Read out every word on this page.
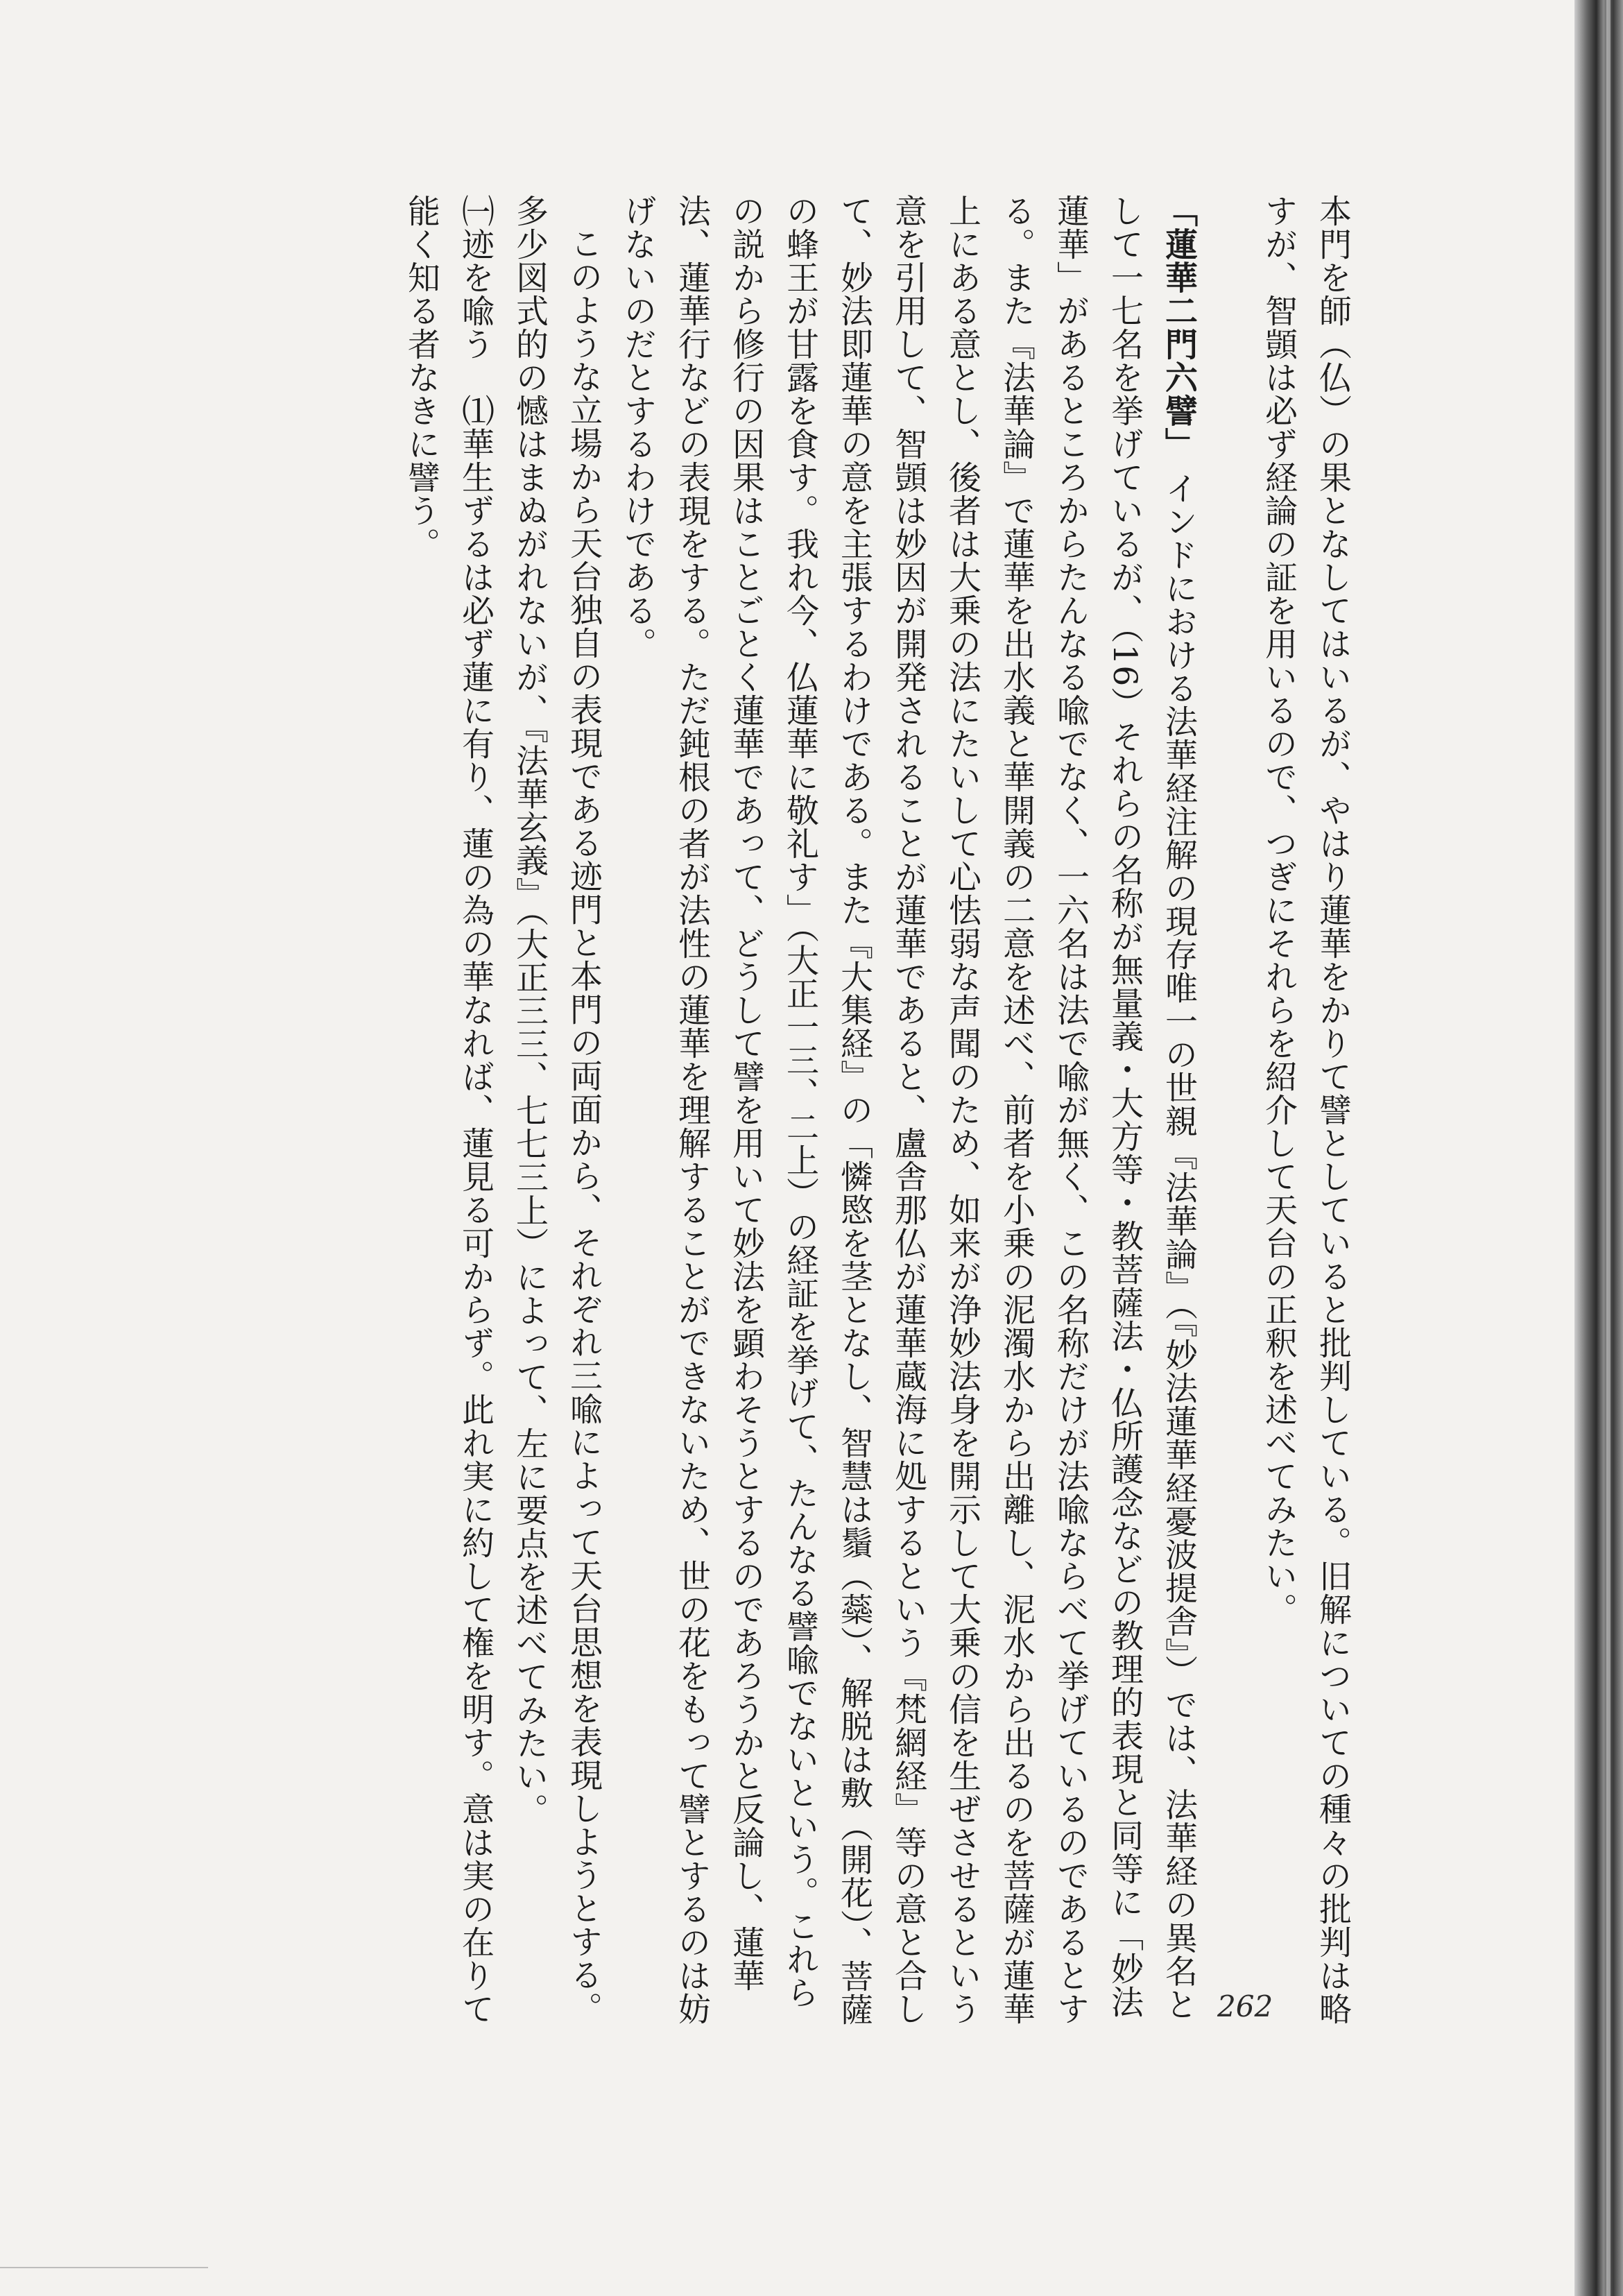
本門を師（仏）の果となしてはいるが、やはり蓮華をかりて譬としていると批判している。旧解についての種々の批判は略すが、智顗は必ず経論の証を用いるので、つぎにそれらを紹介して天台の正釈を述べてみたい。

「蓮華二門六譬」 インドにおける法華経注解の現存唯一の世親『法華論』（『妙法蓮華経憂波提舎』）では、法華経の異名として一七名を挙げているが、（16）それらの名称が無量義・大方等・教菩薩法・仏所護念などの教理的表現と同等に「妙法蓮華」があるところからたんなる喩でなく、一六名は法で喩が無く、この名称だけが法喩ならべて挙げているのであるとする。また『法華論』で蓮華を出水義と華開義の二意を述べ、前者を小乗の泥濁水から出離し、泥水から出るのを菩薩が蓮華上にある意とし、後者は大乗の法にたいして心怯弱な声聞のため、如来が浄妙法身を開示して大乗の信を生ぜさせるという意を引用して、智顗は妙因が開発されることが蓮華であると、盧舎那仏が蓮華蔵海に処するという『梵網経』等の意と合して、妙法即蓮華の意を主張するわけである。また『大集経』の「憐愍を茎となし、智慧は鬚（蘂）、解脱は敷（開花）、菩薩の蜂王が甘露を食す。我れ今、仏蓮華に敬礼す」（大正一三、二上）の経証を挙げて、たんなる譬喩でないという。これらの説から修行の因果はことごとく蓮華であって、どうして譬を用いて妙法を顕わそうとするのであろうかと反論し、蓮華法、蓮華行などの表現をする。ただ鈍根の者が法性の蓮華を理解することができないため、世の花をもって譬とするのは妨げないのだとするわけである。

このような立場から天台独自の表現である迹門と本門の両面から、それぞれ三喩によって天台思想を表現しようとする。多少図式的の憾はまぬがれないが、『法華玄義』（大正三三、七七三上）によって、左に要点を述べてみたい。

㈠迹を喩う　⑴華生ずるは必ず蓮に有り、蓮の為の華なれば、蓮見る可からず。此れ実に約して権を明す。意は実の在りて能く知る者なきに譬う。

262
